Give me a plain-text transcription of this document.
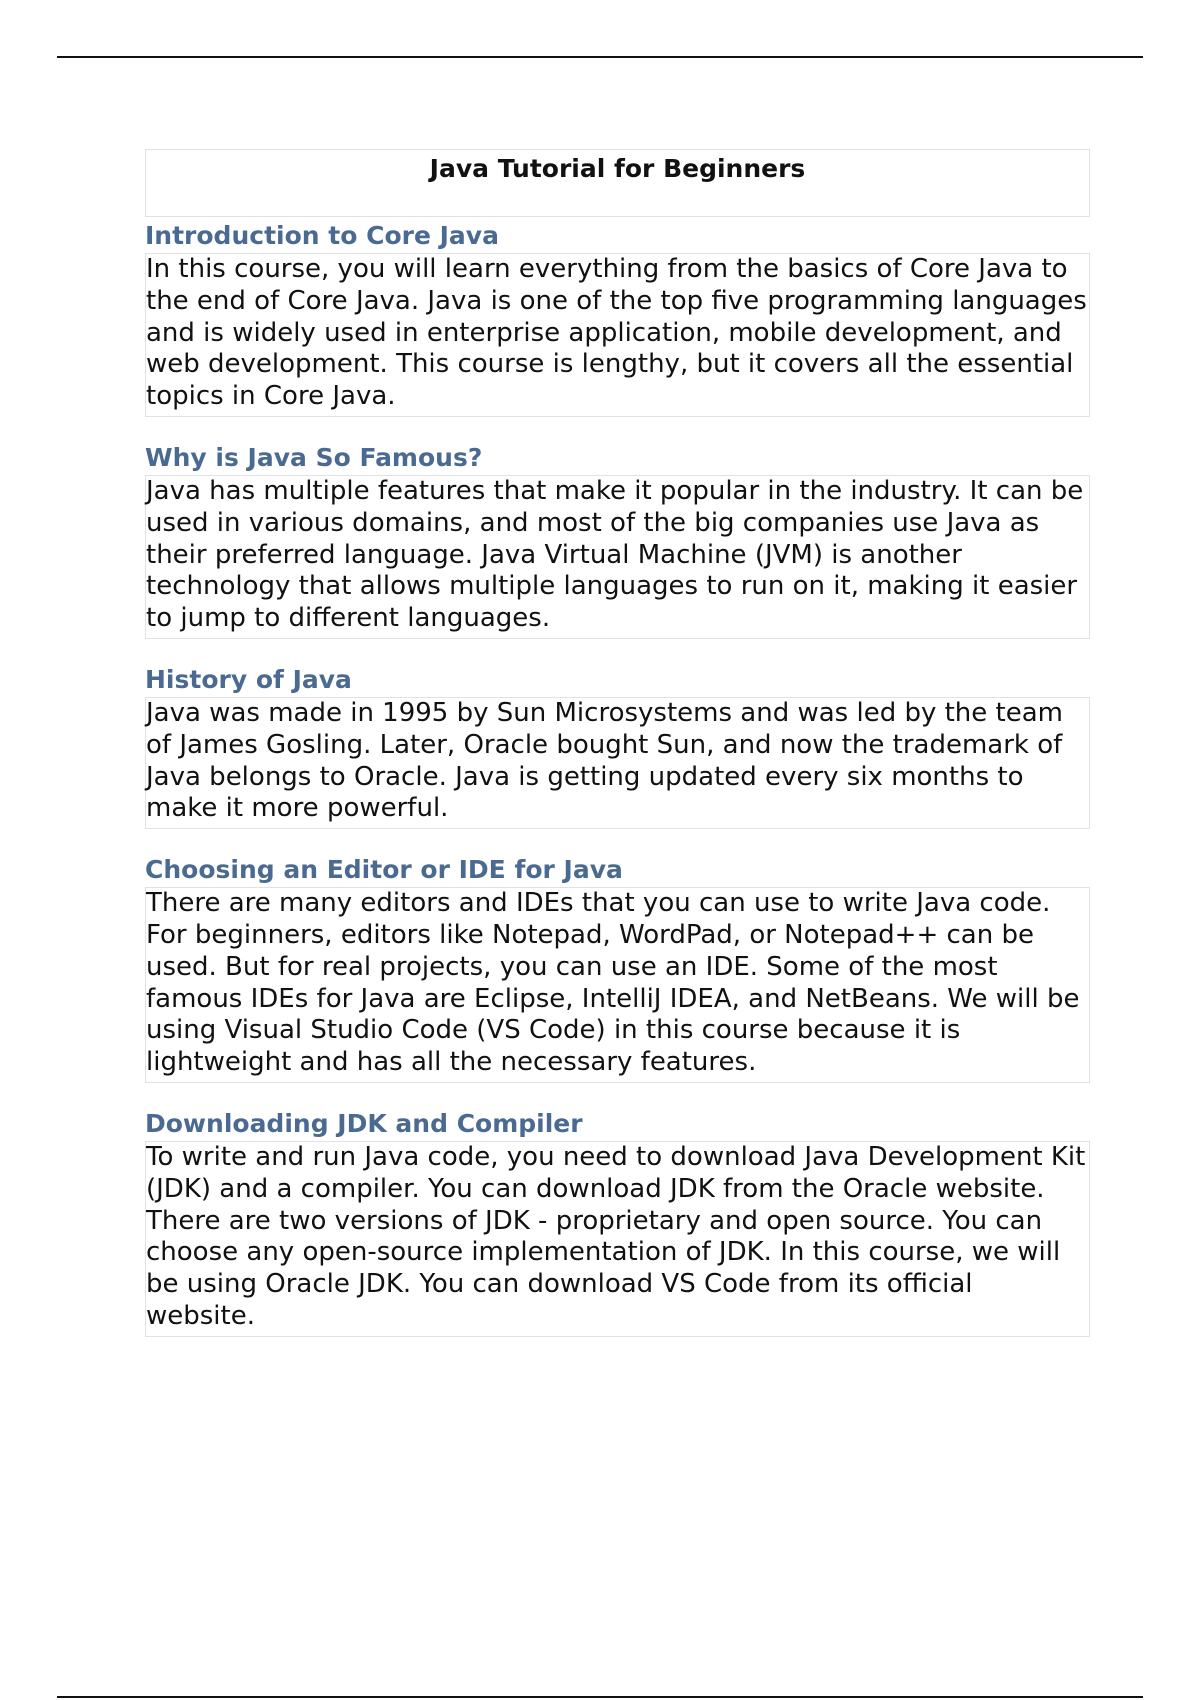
Java Tutorial for Beginners
Introduction to Core Java
In this course, you will learn everything from the basics of Core Java to the end of Core Java. Java is one of the top five programming languages and is widely used in enterprise application, mobile development, and web development. This course is lengthy, but it covers all the essential topics in Core Java.
Why is Java So Famous?
Java has multiple features that make it popular in the industry. It can be used in various domains, and most of the big companies use Java as their preferred language. Java Virtual Machine (JVM) is another technology that allows multiple languages to run on it, making it easier to jump to different languages.
History of Java
Java was made in 1995 by Sun Microsystems and was led by the team of James Gosling. Later, Oracle bought Sun, and now the trademark of Java belongs to Oracle. Java is getting updated every six months to make it more powerful.
Choosing an Editor or IDE for Java
There are many editors and IDEs that you can use to write Java code. For beginners, editors like Notepad, WordPad, or Notepad++ can be used. But for real projects, you can use an IDE. Some of the most famous IDEs for Java are Eclipse, IntelliJ IDEA, and NetBeans. We will be using Visual Studio Code (VS Code) in this course because it is lightweight and has all the necessary features.
Downloading JDK and Compiler
To write and run Java code, you need to download Java Development Kit (JDK) and a compiler. You can download JDK from the Oracle website. There are two versions of JDK - proprietary and open source. You can choose any open-source implementation of JDK. In this course, we will be using Oracle JDK. You can download VS Code from its official website.
